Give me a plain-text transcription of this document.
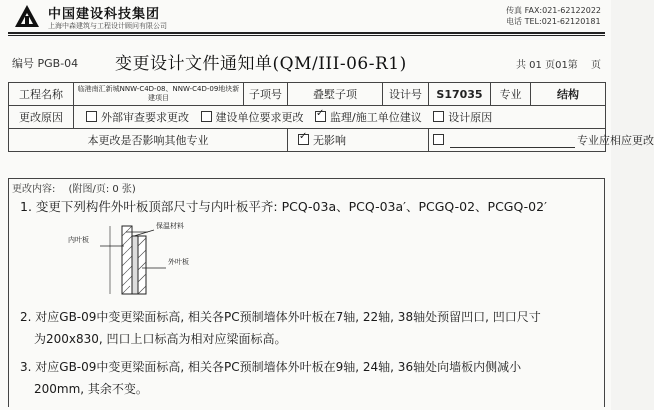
中国建设科技集团
上海中森建筑与工程设计顾问有限公司
传真 FAX:021-62122022
电话 TEL:021-62120181
编号 PGB-04 变更设计文件通知单(QM/III-06-R1)	共 01 页01第　 页
工程名称	临港南汇新城NNW-C4D-08、NNW-C4D-09地块新建项目	子项号	叠墅子项	设计号	S17035	专业	结构
更改原因	外部审查要求更改 建设单位要求更改 ✓ 监理/施工单位建议 设计原因
本更改是否影响其他专业	✓无影响		专业应相应更改		
更改内容:　 (附图/页: 0 张)
1. 变更下列构件外叶板顶部尺寸与内叶板平齐: PCQ-03a、PCQ-03a′、PCGQ-02、PCGQ-02′
内叶板
保温材料
外叶板
2. 对应GB-09中变更梁面标高, 相关各PC预制墙体外叶板在7轴, 22轴, 38轴处预留凹口, 凹口尺寸
为200x830, 凹口上口标高为相对应梁面标高。
3. 对应GB-09中变更梁面标高, 相关各PC预制墙体外叶板在9轴, 24轴, 36轴处向墙板内侧减小
200mm, 其余不变。
